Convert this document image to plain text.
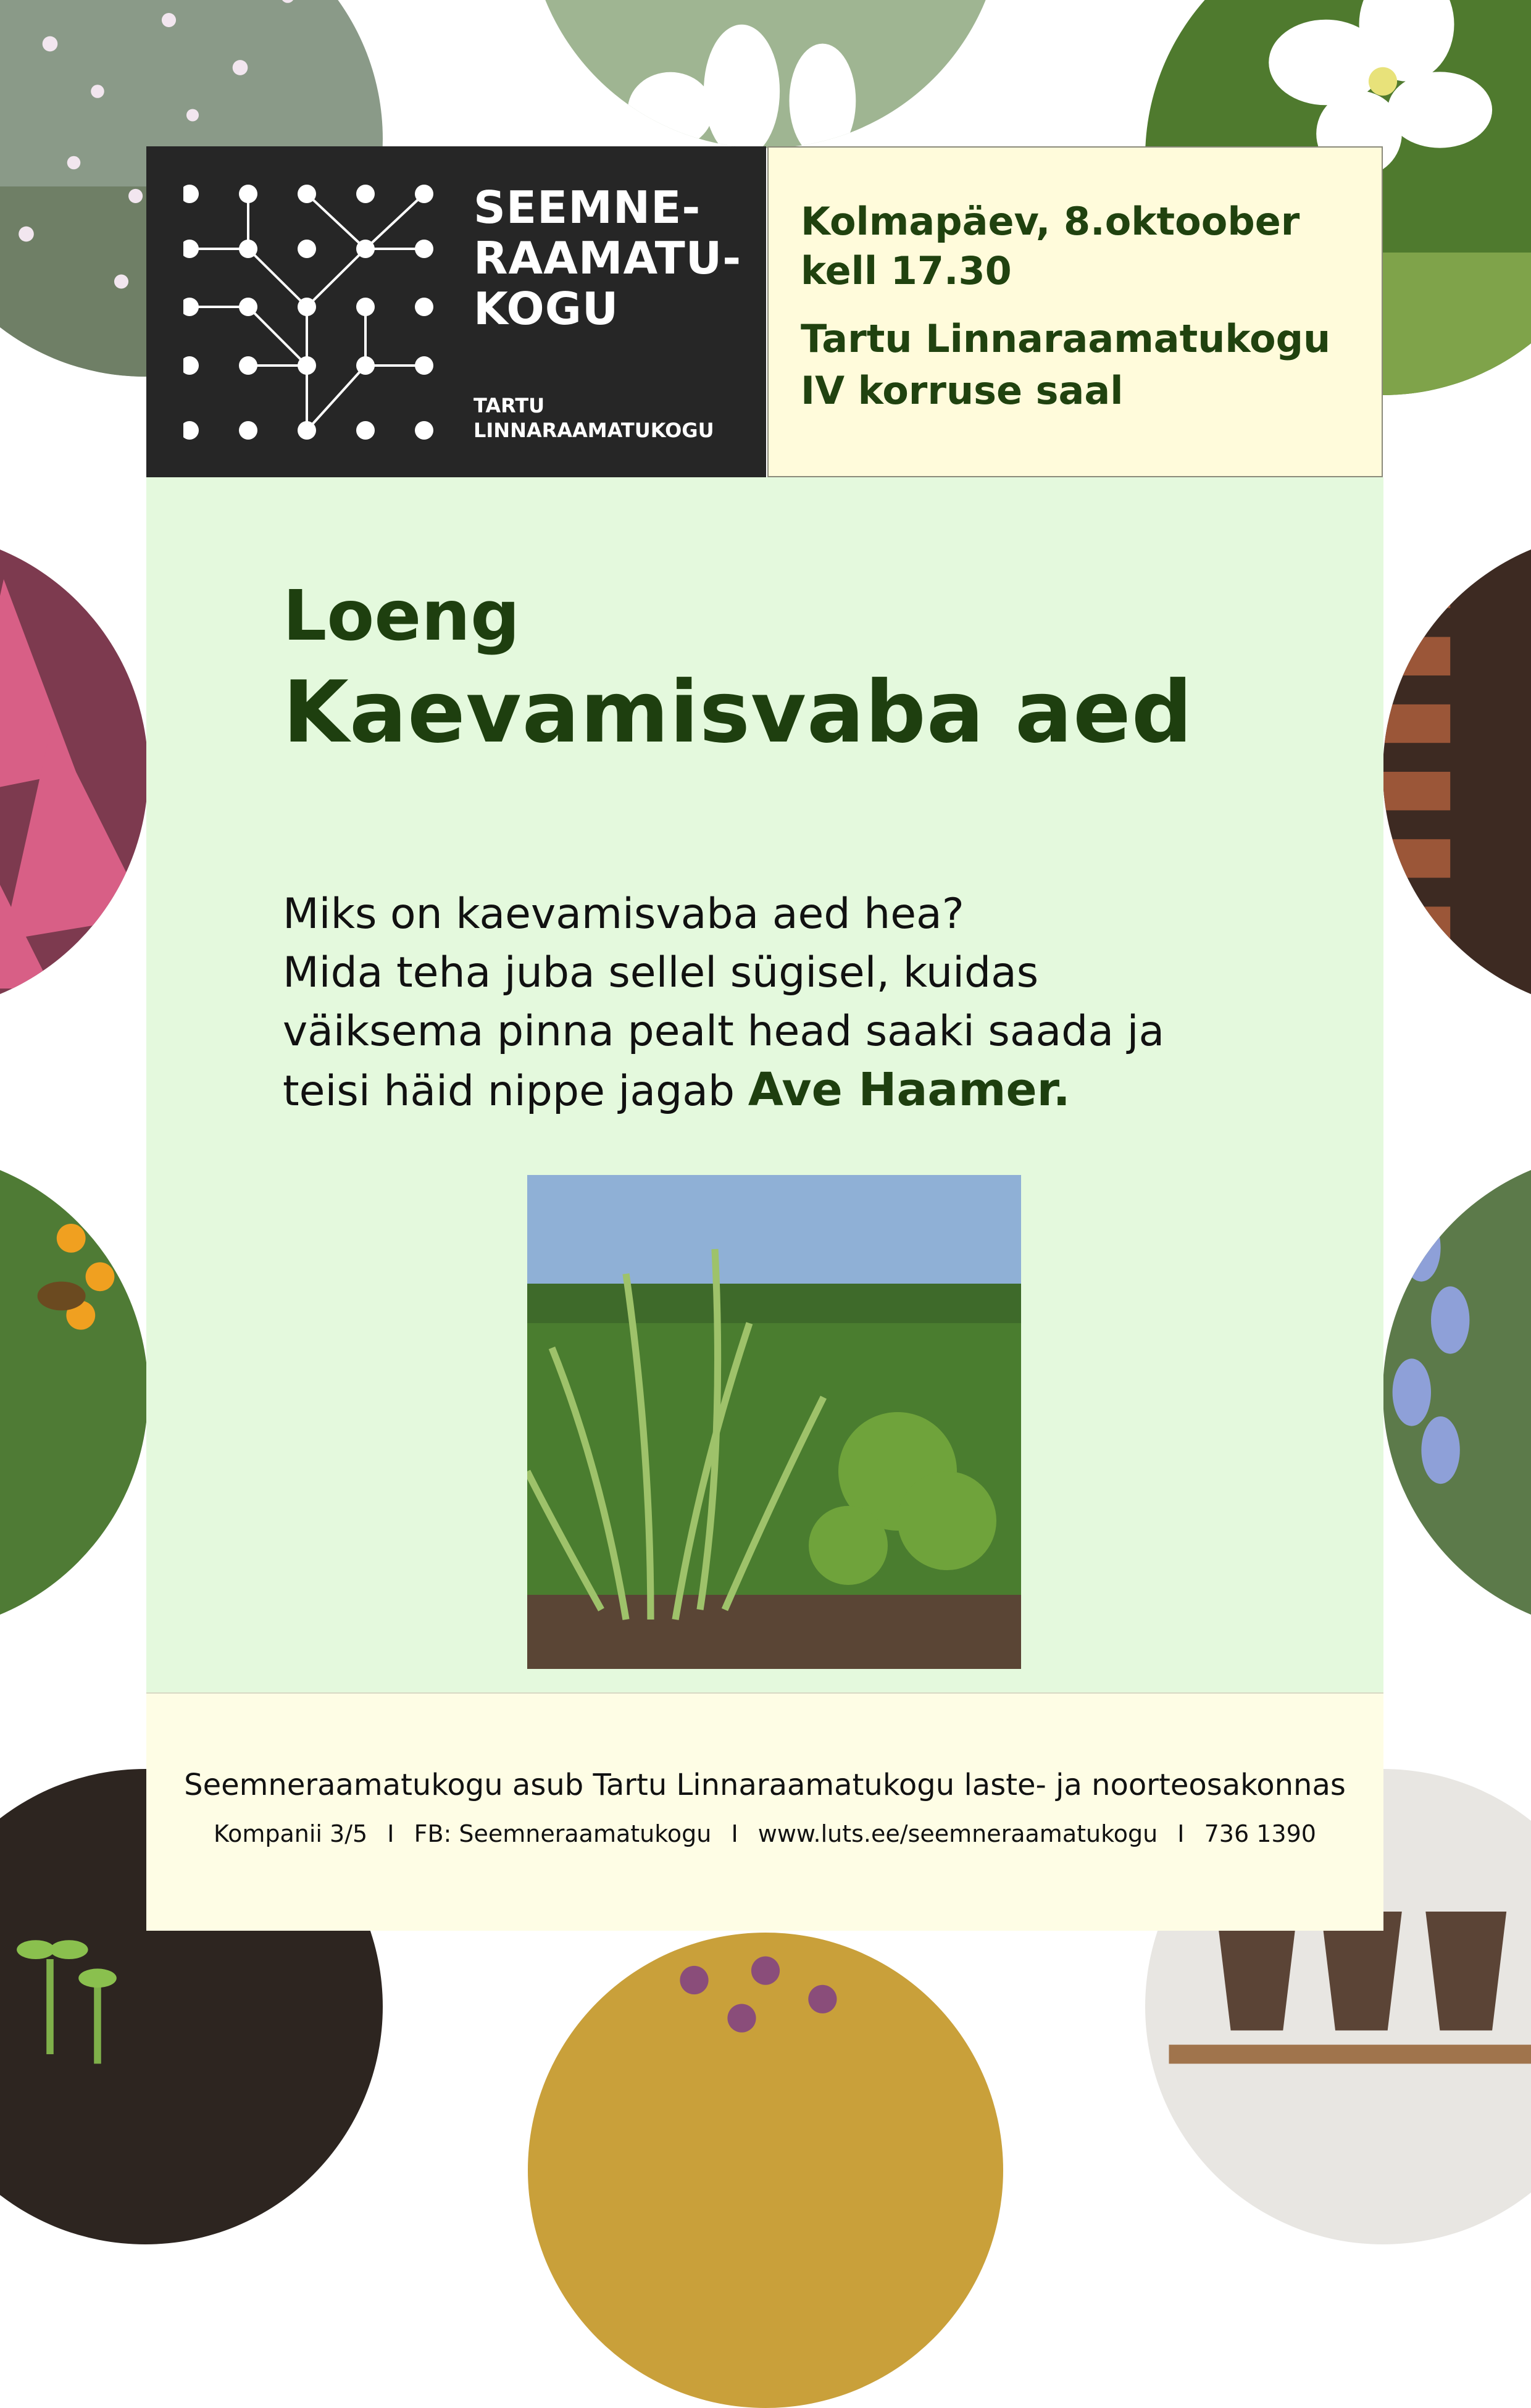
SEEMNE-
RAAMATU-
KOGU
TARTU
LINNARAAMATUKOGU
Kolmapäev, 8.oktoober
kell 17.30
Tartu Linnaraamatukogu
IV korruse saal
Loeng
Kaevamisvaba aed
Miks on kaevamisvaba aed hea?
Mida teha juba sellel sügisel, kuidas
väiksema pinna pealt head saaki saada ja
teisi häid nippe jagab Ave Haamer.
Seemneraamatukogu asub Tartu Linnaraamatukogu laste- ja noorteosakonnas
Kompanii 3/5 I FB: Seemneraamatukogu I www.luts.ee/seemneraamatukogu I 736 1390
